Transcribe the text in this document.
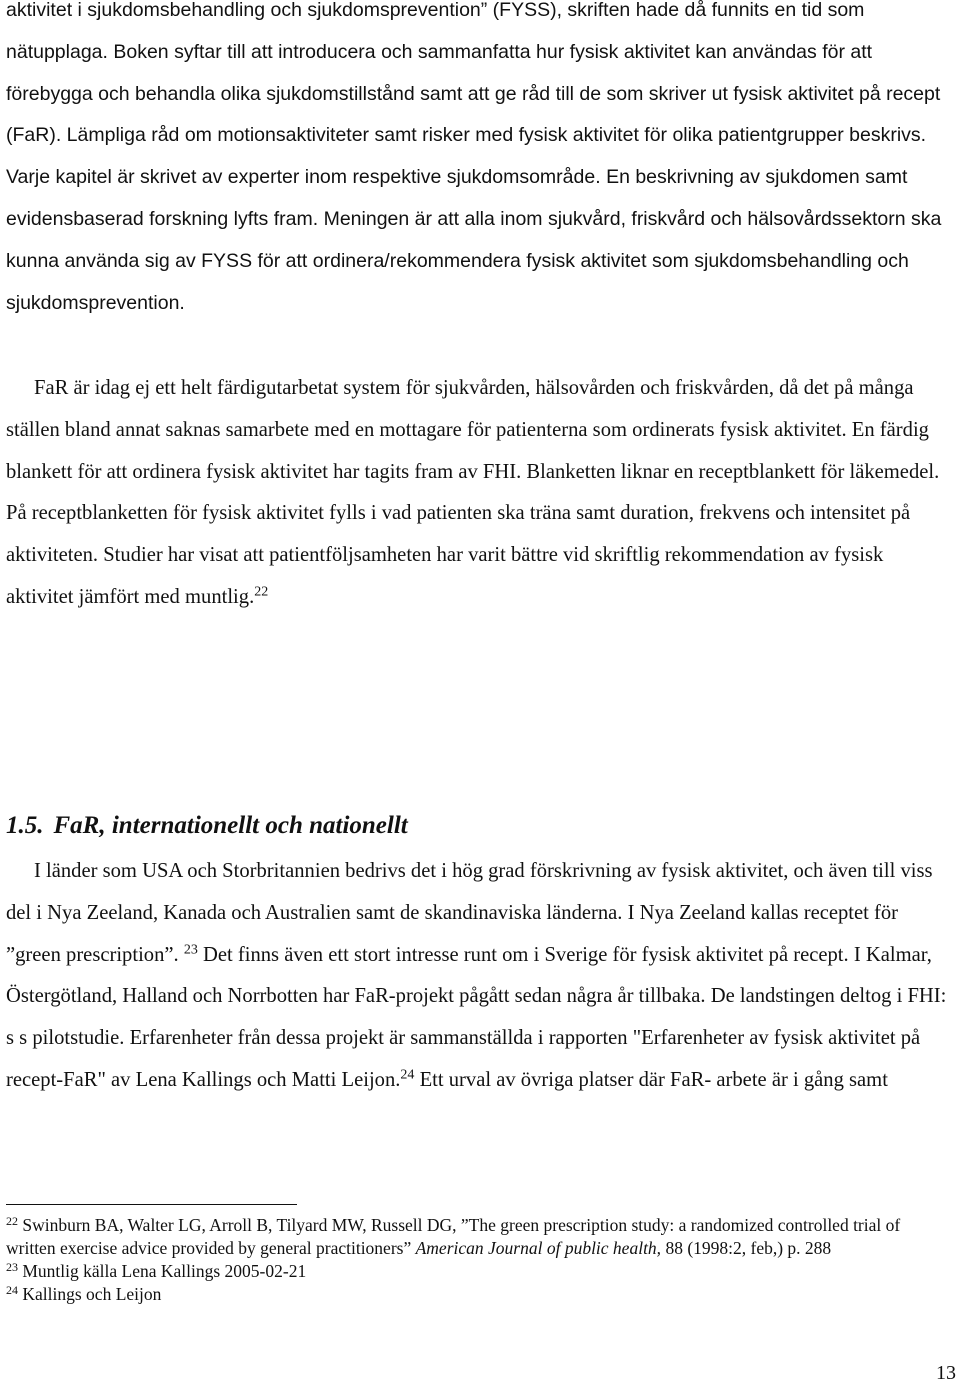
aktivitet i sjukdomsbehandling och sjukdomsprevention” (FYSS), skriften hade då funnits en tid som nätupplaga. Boken syftar till att introducera och sammanfatta hur fysisk aktivitet kan användas för att förebygga och behandla olika sjukdomstillstånd samt att ge råd till de som skriver ut fysisk aktivitet på recept (FaR). Lämpliga råd om motionsaktiviteter samt risker med fysisk aktivitet för olika patientgrupper beskrivs.Varje kapitel är skrivet av experter inom respektive sjukdomsområde. En beskrivning av sjukdomen samt evidensbaserad forskning lyfts fram. Meningen är att alla inom sjukvård, friskvård och hälsovårdssektorn ska kunna använda sig av FYSS för att ordinera/rekommendera fysisk aktivitet som sjukdomsbehandling och sjukdomsprevention.

FaR är idag ej ett helt färdigutarbetat system för sjukvården, hälsovården och friskvården, då det på många ställen bland annat saknas samarbete med en mottagare för patienterna som ordinerats fysisk aktivitet. En färdig blankett för att ordinera fysisk aktivitet har tagits fram av FHI. Blanketten liknar en receptblankett för läkemedel. På receptblanketten för fysisk aktivitet fylls i vad patienten ska träna samt duration, frekvens och intensitet på aktiviteten. Studier har visat att patientföljsamheten har varit bättre vid skriftlig rekommendation av fysisk aktivitet jämfört med muntlig.$^{22}$

1.5. FaR, internationellt och nationellt

I länder som USA och Storbritannien bedrivs det i hög grad förskrivning av fysisk aktivitet, och även till viss del i Nya Zeeland, Kanada och Australien samt de skandinaviska länderna. I Nya Zeeland kallas receptet för ”green prescription”. $^{23}$ Det finns även ett stort intresse runt om i Sverige för fysisk aktivitet på recept. I Kalmar, Östergötland, Halland och Norrbotten har FaR-projekt pågått sedan några år tillbaka. De landstingen deltog i FHI: s s pilotstudie. Erfarenheter från dessa projekt är sammanställda i rapporten "Erfarenheter av fysisk aktivitet på recept-FaR" av Lena Kallings och Matti Leijon.$^{24}$ Ett urval av övriga platser där FaR- arbete är i gång samt

$^{22}$ Swinburn BA, Walter LG, Arroll B, Tilyard MW, Russell DG, ”The green prescription study: a randomized controlled trial of written exercise advice provided by general practitioners” American Journal of public health, 88 (1998:2, feb,) p. 288

$^{23}$ Muntlig källa Lena Kallings 2005-02-21

$^{24}$ Kallings och Leijon

13
